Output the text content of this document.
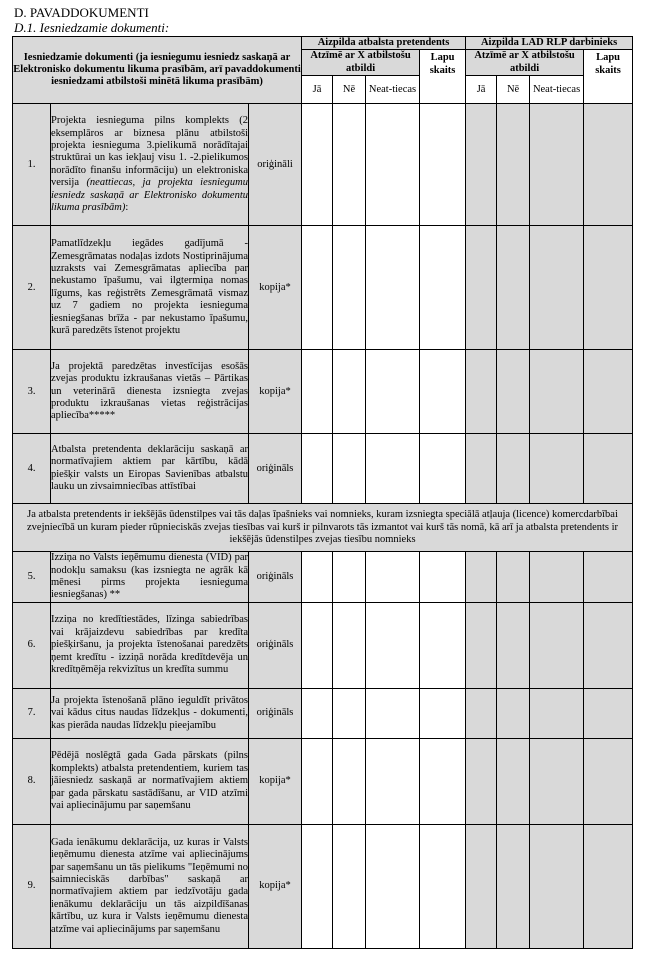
D. PAVADDOKUMENTI
D.1. Iesniedzamie dokumenti:
Iesniedzamie dokumenti (ja iesniegumu iesniedz saskaņā ar Elektronisko dokumentu likuma prasībām, arī pavaddokumenti iesniedzami atbilstoši minētā likuma prasībām)			Aizpilda atbalsta pretendents				Aizpilda LAD RLP darbinieks			
			Atzīmē ar X atbilstošu atbildi			Lapu skaits	Atzīmē ar X atbilstošu atbildi			Lapu skaits
			Jā	Nē	Neat-tiecas		Jā	Nē	Neat-tiecas	
1.	Projekta iesnieguma pilns komplekts (2 eksemplāros ar biznesa plānu atbilstoši projekta iesnieguma 3.pielikumā norādītajai struktūrai un kas iekļauj visu 1. -2.pielikumos norādīto finanšu informāciju) un elektroniska versija (neattiecas, ja projekta iesniegumu iesniedz saskaņā ar Elektronisko dokumentu likuma prasībām):	oriģināli								
2.	Pamatlīdzekļu iegādes gadījumā - Zemesgrāmatas nodaļas izdots Nostiprinājuma uzraksts vai Zemesgrāmatas apliecība par nekustamo īpašumu, vai ilgtermiņa nomas līgums, kas reģistrēts Zemesgrāmatā vismaz uz 7 gadiem no projekta iesnieguma iesniegšanas brīža - par nekustamo īpašumu, kurā paredzēts īstenot projektu	kopija*								
3.	Ja projektā paredzētas investīcijas esošās zvejas produktu izkraušanas vietās – Pārtikas un veterinārā dienesta izsniegta zvejas produktu izkraušanas vietas reģistrācijas apliecība*****	kopija*								
4.	Atbalsta pretendenta deklarāciju saskaņā ar normatīvajiem aktiem par kārtību, kādā piešķir valsts un Eiropas Savienības atbalstu lauku un zivsaimniecības attīstībai	oriģināls								
Ja atbalsta pretendents ir iekšējās ūdenstilpes vai tās daļas īpašnieks vai nomnieks, kuram izsniegta speciālā atļauja (licence) komercdarbībai zvejniecībā un kuram pieder rūpnieciskās zvejas tiesības vai kurš ir pilnvarots tās izmantot vai kurš tās nomā, kā arī ja atbalsta pretendents ir iekšējās ūdenstilpes zvejas tiesību nomnieks										
5.	Izziņa no Valsts ieņēmumu dienesta (VID) par nodokļu samaksu (kas izsniegta ne agrāk kā mēnesi pirms projekta iesnieguma iesniegšanas) **	oriģināls								
6.	Izziņa no kredītiestādes, līzinga sabiedrības vai krājaizdevu sabiedrības par kredīta piešķiršanu, ja projekta īstenošanai paredzēts ņemt kredītu - izziņā norāda kredītdevēja un kredītņēmēja rekvizītus un kredīta summu	oriģināls								
7.	Ja projekta īstenošanā plāno ieguldīt privātos vai kādus citus naudas līdzekļus - dokumenti, kas pierāda naudas līdzekļu pieejamību	oriģināls								
8.	Pēdējā noslēgtā gada Gada pārskats (pilns komplekts) atbalsta pretendentiem, kuriem tas jāiesniedz saskaņā ar normatīvajiem aktiem par gada pārskatu sastādīšanu, ar VID atzīmi vai apliecinājumu par saņemšanu	kopija*								
9.	Gada ienākumu deklarācija, uz kuras ir Valsts ieņēmumu dienesta atzīme vai apliecinājums par saņemšanu un tās pielikums "Ieņēmumi no saimnieciskās darbības" saskaņā ar normatīvajiem aktiem par iedzīvotāju gada ienākumu deklarāciju un tās aizpildīšanas kārtību, uz kura ir Valsts ieņēmumu dienesta atzīme vai apliecinājums par saņemšanu	kopija*								
